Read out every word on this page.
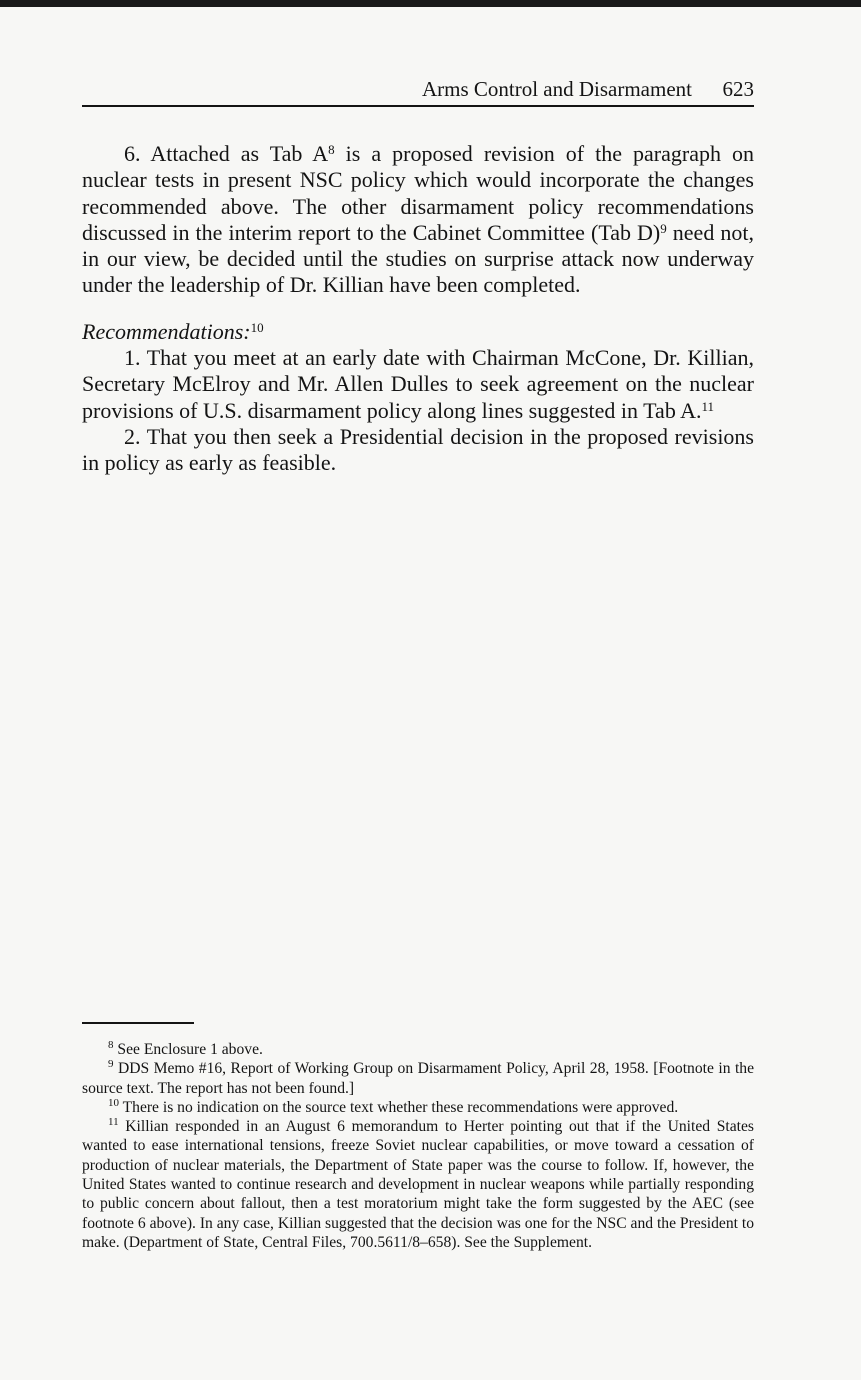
Arms Control and Disarmament 623

6. Attached as Tab $A^8$ is a proposed revision of the paragraph on nuclear tests in present NSC policy which would incorporate the changes recommended above. The other disarmament policy recommendations discussed in the interim report to the Cabinet Committee (Tab D)$^9$ need not, in our view, be decided until the studies on surprise attack now underway under the leadership of Dr. Killian have been completed.

Recommendations:$^{10}$

1. That you meet at an early date with Chairman McCone, Dr. Killian, Secretary McElroy and Mr. Allen Dulles to seek agreement on the nuclear provisions of U.S. disarmament policy along lines suggested in Tab A.$^{11}$

2. That you then seek a Presidential decision in the proposed revisions in policy as early as feasible.

$^8$ See Enclosure 1 above.

$^9$ DDS Memo #16, Report of Working Group on Disarmament Policy, April 28, 1958. [Footnote in the source text. The report has not been found.]

$^{10}$ There is no indication on the source text whether these recommendations were approved.

$^{11}$ Killian responded in an August 6 memorandum to Herter pointing out that if the United States wanted to ease international tensions, freeze Soviet nuclear capabilities, or move toward a cessation of production of nuclear materials, the Department of State paper was the course to follow. If, however, the United States wanted to continue research and development in nuclear weapons while partially responding to public concern about fallout, then a test moratorium might take the form suggested by the AEC (see footnote 6 above). In any case, Killian suggested that the decision was one for the NSC and the President to make. (Department of State, Central Files, 700.5611/8–658). See the Supplement.
